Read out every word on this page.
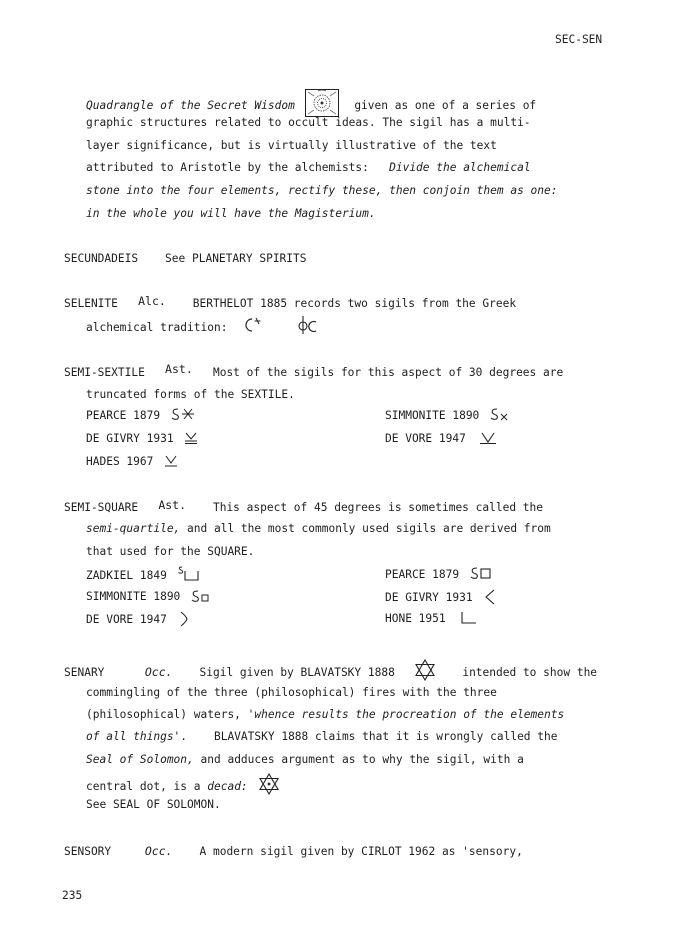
SEC-SEN
Quadrangle of the Secret Wisdom	given as one of a series of
graphic structures related to occult ideas. The sigil has a multi-
layer significance, but is virtually illustrative of the text
attributed to Aristotle by the alchemists: Divide the alchemical
stone into the four elements, rectify these, then conjoin them as one:
in the whole you will have the Magisterium.
SECUNDADEIS See PLANETARY SPIRITS
SELENITE Alc. BERTHELOT 1885 records two sigils from the Greek
alchemical tradition:

SEMI-SEXTILE Ast. Most of the sigils for this aspect of 30 degrees are
truncated forms of the SEXTILE.
PEARCE 1879	SIMMONITE 1890
DE GIVRY 1931	DE VORE 1947
HADES 1967
SEMI-SQUARE Ast. This aspect of 45 degrees is sometimes called the
semi-quartile, and all the most commonly used sigils are derived from
that used for the SQUARE.
ZADKIEL 1849	PEARCE 1879
SIMMONITE 1890	DE GIVRY 1931
DE VORE 1947	HONE 1951
SENARY	Occ. Sigil given by BLAVATSKY 1888	intended to show the
commingling of the three (philosophical) fires with the three
(philosophical) waters, 'whence results the procreation of the elements
of all things'.    BLAVATSKY 1888 claims that it is wrongly called the
Seal of Solomon, and adduces argument as to why the sigil, with a
central dot, is a decad:
See SEAL OF SOLOMON.
SENSORY	Occ. A modern sigil given by CIRLOT 1962 as 'sensory,
235
